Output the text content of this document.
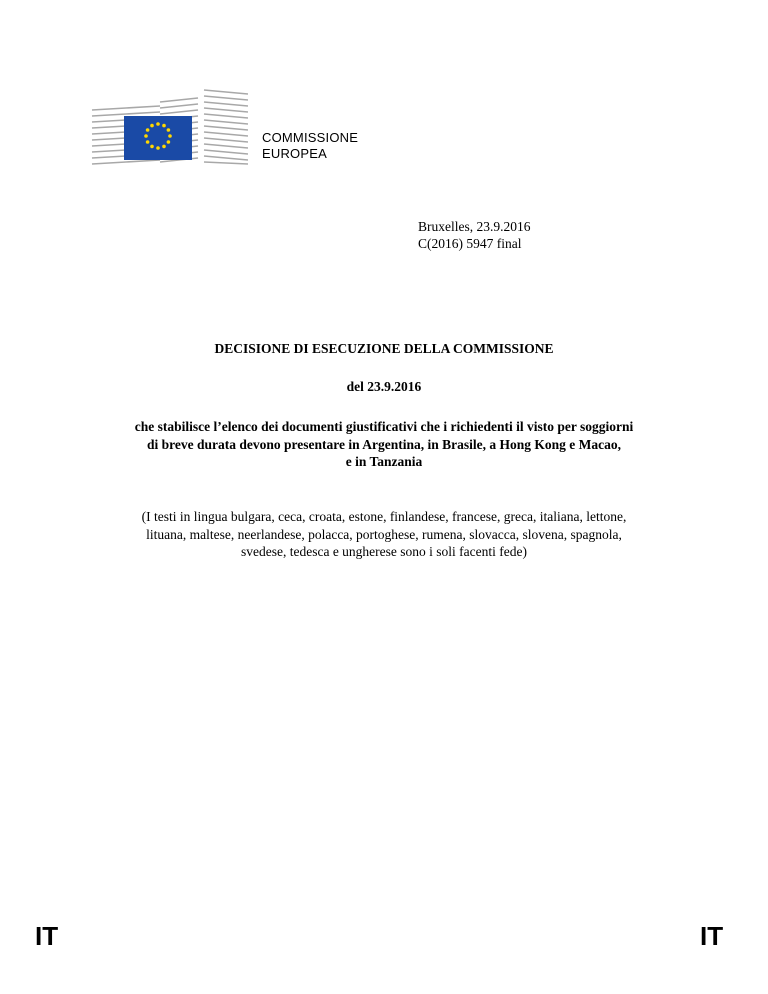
COMMISSIONE
EUROPEA
Bruxelles, 23.9.2016
C(2016) 5947 final
DECISIONE DI ESECUZIONE DELLA COMMISSIONE
del 23.9.2016
che stabilisce l’elenco dei documenti giustificativi che i richiedenti il visto per soggiorni
di breve durata devono presentare in Argentina, in Brasile, a Hong Kong e Macao,
e in Tanzania
(I testi in lingua bulgara, ceca, croata, estone, finlandese, francese, greca, italiana, lettone,
lituana, maltese, neerlandese, polacca, portoghese, rumena, slovacca, slovena, spagnola,
svedese, tedesca e ungherese sono i soli facenti fede)
IT	IT
